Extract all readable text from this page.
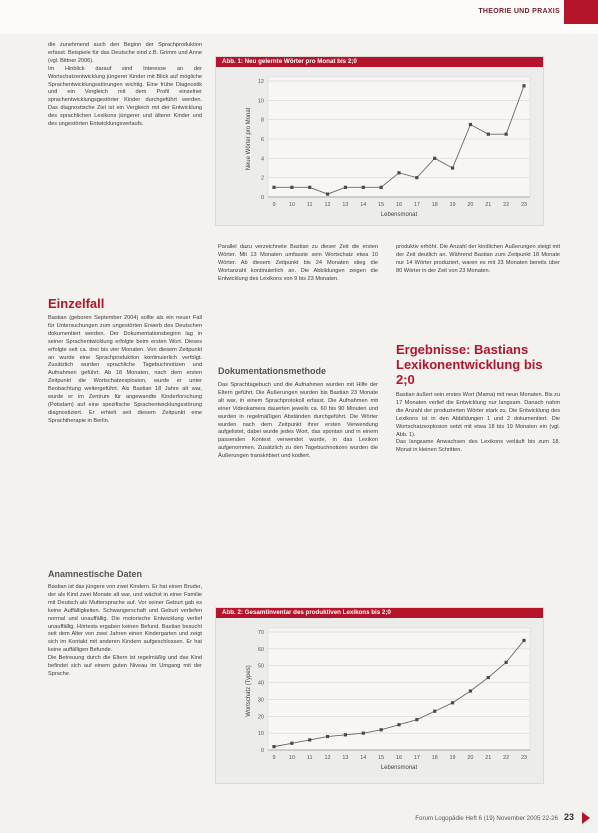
THEORIE UND PRAXIS

die zunehmend auch den Beginn der Sprachproduktion erfasst. Beispiele für das Deutsche sind z.B. Grimm und Anne (vgl. Bittner 2006).

Im Hinblick darauf sind Interesse an der Wortschatzentwicklung jüngerer Kinder mit Blick auf mögliche Sprachentwicklungsstörungen wichtig. Eine frühe Diagnostik und ein Vergleich mit dem Profil einzelner sprachentwicklungsgestörter Kinder durchgeführt werden. Das diagnostische Ziel ist ein Vergleich mit der Entwicklung des sprachlichen Lexikons jüngerer und älterer Kinder und des ungestörten Entwicklungsverlaufs.

Einzelfall

Bastian (geboren September 2004) sollte als ein neuer Fall für Untersuchungen zum ungestörten Erwerb des Deutschen dokumentiert werden. Der Dokumentationsbeginn lag in seiner Sprachentwicklung erfolgte beim ersten Wort. Dieses erfolgte seit ca. drei bis vier Monaten. Von diesem Zeitpunkt an wurde eine Sprachproduktion kontinuierlich verfolgt. Zusätzlich wurden sprachliche Tagebuchnotizen und Aufnahmen geführt. Ab 18 Monaten, nach dem ersten Zeitpunkt die Wortschatzexplosion, wurde er unter Beobachtung weitergeführt. Als Bastian 18 Jahre alt war, wurde er im Zentrum für angewandte Kinderforschung (Potsdam) auf eine spezifische Sprachentwicklungsstörung diagnostiziert. Er erhielt seit diesem Zeitpunkt eine Sprachtherapie in Berlin.

Anamnestische Daten

Bastian ist das jüngere von zwei Kindern. Er hat einen Bruder, der als Kind zwei Monate alt war, und wächst in einer Familie mit Deutsch als Muttersprache auf. Vor seiner Geburt gab es keine Auffälligkeiten. Schwangerschaft und Geburt verliefen normal und unauffällig. Die motorische Entwicklung verlief unauffällig. Hörtests ergaben keinen Befund. Bastian besucht seit dem Alter von zwei Jahren einen Kindergarten und zeigt sich im Kontakt mit anderen Kindern aufgeschlossen. Er hat keine auffälligen Befunde.

Die Betreuung durch die Eltern ist regelmäßig und das Kind befindet sich auf einem guten Niveau im Umgang mit der Sprache.

Abb. 1: Neu gelernte Wörter pro Monat bis 2;0
0
2
4
6
8
10
12
9 10 11 12 13 14 15 16 17 18 19 20 21 22 23
Lebensmonat
Neue Wörter pro Monat

Parallel dazu verzeichnete Bastian zu dieser Zeit die ersten Wörter. Mit 13 Monaten umfasste sein Wortschatz etwa 10 Wörter. Ab diesem Zeitpunkt bis 24 Monaten stieg die Wortanzahl kontinuierlich an. Die Abbildungen zeigen die Entwicklung des Lexikons von 9 bis 23 Monaten.

Dokumentationsmethode

Das Sprachtagebuch und die Aufnahmen wurden mit Hilfe der Eltern geführt. Die Äußerungen wurden bis Bastian 23 Monate alt war, in einem Sprachprotokoll erfasst. Die Aufnahmen mit einer Videokamera dauerten jeweils ca. 60 bis 90 Minuten und wurden in regelmäßigen Abständen durchgeführt. Die Wörter wurden nach dem Zeitpunkt ihrer ersten Verwendung aufgelistet, dabei wurde jedes Wort, das spontan und in einem passenden Kontext verwendet wurde, in das Lexikon aufgenommen. Zusätzlich zu den Tagebuchnotizen wurden die Äußerungen transkribiert und kodiert.

produktiv erhöht. Die Anzahl der kindlichen Äußerungen steigt mit der Zeit deutlich an. Während Bastian zum Zeitpunkt 18 Monate nur 14 Wörter produziert, waren es mit 23 Monaten bereits über 80 Wörter in der Zeit von 23 Monaten.

Ergebnisse: Bastians Lexikonentwicklung bis 2;0

Bastian äußert sein erstes Wort (Mama) mit neun Monaten. Bis zu 17 Monaten verlief die Entwicklung nur langsam. Danach nahm die Anzahl der produzierten Wörter stark zu. Die Entwicklung des Lexikons ist in den Abbildungen 1 und 2 dokumentiert. Die Wortschatzexplosion setzt mit etwa 18 bis 19 Monaten ein (vgl. Abb. 1).

Das langsame Anwachsen des Lexikons verläuft bis zum 18. Monat in kleinen Schritten.

Abb. 2: Gesamtinventar des produktiven Lexikons bis 2;0
0
10
20
30
40
50
60
70
9 10 11 12 13 14 15 16 17 18 19 20 21 22 23
Lebensmonat
Wortschatz (Types)
Forum Logopädie Heft 6 (19) November 2005 22-26 23
